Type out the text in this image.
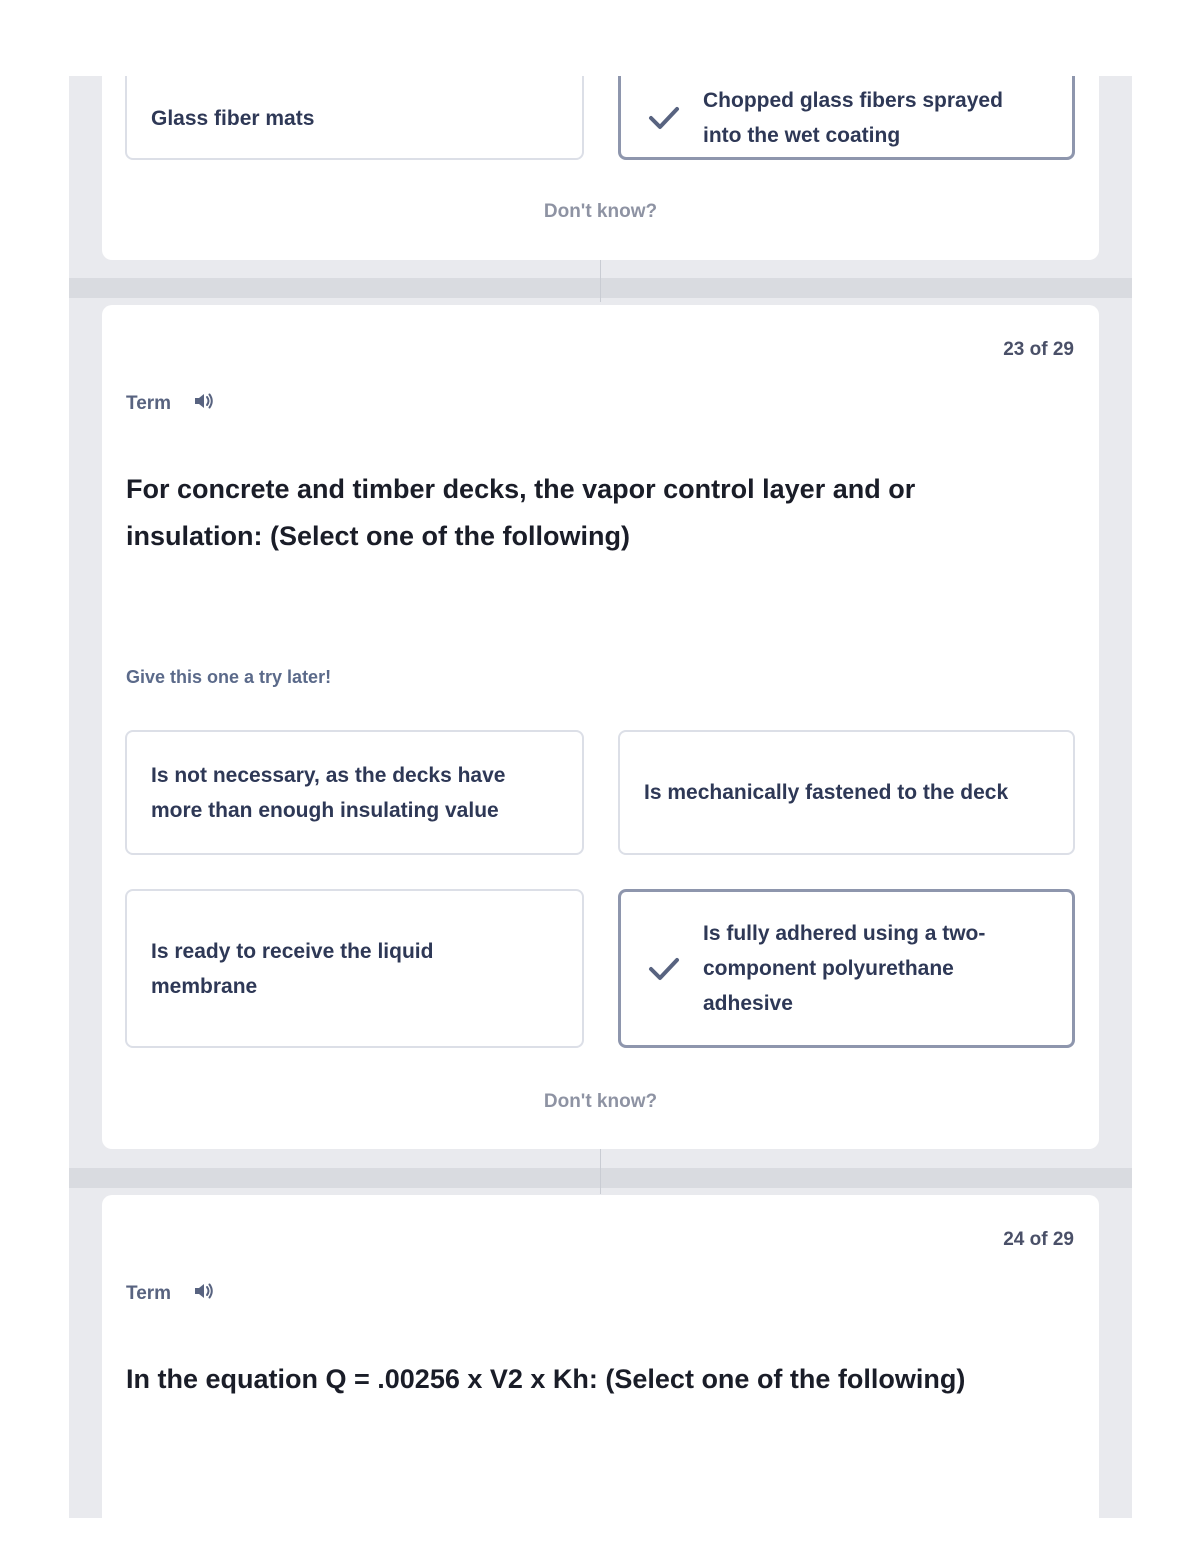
Glass fiber mats
Chopped glass fibers sprayed into the wet coating
Don't know?
23 of 29
Term
For concrete and timber decks, the vapor control layer and or insulation: (Select one of the following)
Give this one a try later!
Is not necessary, as the decks have more than enough insulating value
Is mechanically fastened to the deck
Is ready to receive the liquid membrane
Is fully adhered using a two-component polyurethane adhesive
Don't know?
24 of 29
Term
In the equation Q = .00256 x V2 x Kh: (Select one of the following)
